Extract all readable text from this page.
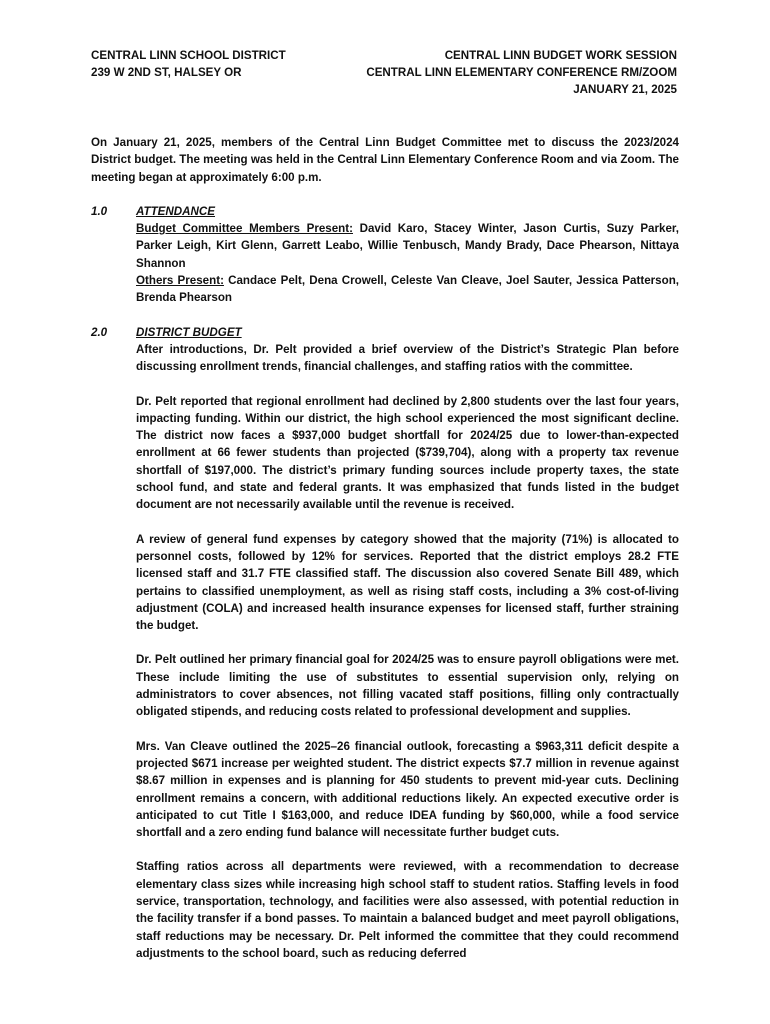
CENTRAL LINN SCHOOL DISTRICT
239 W 2ND ST, HALSEY OR
CENTRAL LINN BUDGET WORK SESSION
CENTRAL LINN ELEMENTARY CONFERENCE RM/ZOOM
JANUARY 21, 2025

On January 21, 2025, members of the Central Linn Budget Committee met to discuss the 2023/2024 District budget. The meeting was held in the Central Linn Elementary Conference Room and via Zoom. The meeting began at approximately 6:00 p.m.

1.0 ATTENDANCE

Budget Committee Members Present: David Karo, Stacey Winter, Jason Curtis, Suzy Parker, Parker Leigh, Kirt Glenn, Garrett Leabo, Willie Tenbusch, Mandy Brady, Dace Phearson, Nittaya Shannon

Others Present: Candace Pelt, Dena Crowell, Celeste Van Cleave, Joel Sauter, Jessica Patterson, Brenda Phearson

2.0 DISTRICT BUDGET

After introductions, Dr. Pelt provided a brief overview of the District’s Strategic Plan before discussing enrollment trends, financial challenges, and staffing ratios with the committee.

Dr. Pelt reported that regional enrollment had declined by 2,800 students over the last four years, impacting funding. Within our district, the high school experienced the most significant decline. The district now faces a $937,000 budget shortfall for 2024/25 due to lower-than-expected enrollment at 66 fewer students than projected ($739,704), along with a property tax revenue shortfall of $197,000. The district’s primary funding sources include property taxes, the state school fund, and state and federal grants. It was emphasized that funds listed in the budget document are not necessarily available until the revenue is received.

A review of general fund expenses by category showed that the majority (71%) is allocated to personnel costs, followed by 12% for services. Reported that the district employs 28.2 FTE licensed staff and 31.7 FTE classified staff. The discussion also covered Senate Bill 489, which pertains to classified unemployment, as well as rising staff costs, including a 3% cost-of-living adjustment (COLA) and increased health insurance expenses for licensed staff, further straining the budget.

Dr. Pelt outlined her primary financial goal for 2024/25 was to ensure payroll obligations were met. These include limiting the use of substitutes to essential supervision only, relying on administrators to cover absences, not filling vacated staff positions, filling only contractually obligated stipends, and reducing costs related to professional development and supplies.

Mrs. Van Cleave outlined the 2025–26 financial outlook, forecasting a $963,311 deficit despite a projected $671 increase per weighted student. The district expects $7.7 million in revenue against $8.67 million in expenses and is planning for 450 students to prevent mid-year cuts. Declining enrollment remains a concern, with additional reductions likely. An expected executive order is anticipated to cut Title I $163,000, and reduce IDEA funding by $60,000, while a food service shortfall and a zero ending fund balance will necessitate further budget cuts.

Staffing ratios across all departments were reviewed, with a recommendation to decrease elementary class sizes while increasing high school staff to student ratios. Staffing levels in food service, transportation, technology, and facilities were also assessed, with potential reduction in the facility transfer if a bond passes. To maintain a balanced budget and meet payroll obligations, staff reductions may be necessary. Dr. Pelt informed the committee that they could recommend adjustments to the school board, such as reducing deferred
